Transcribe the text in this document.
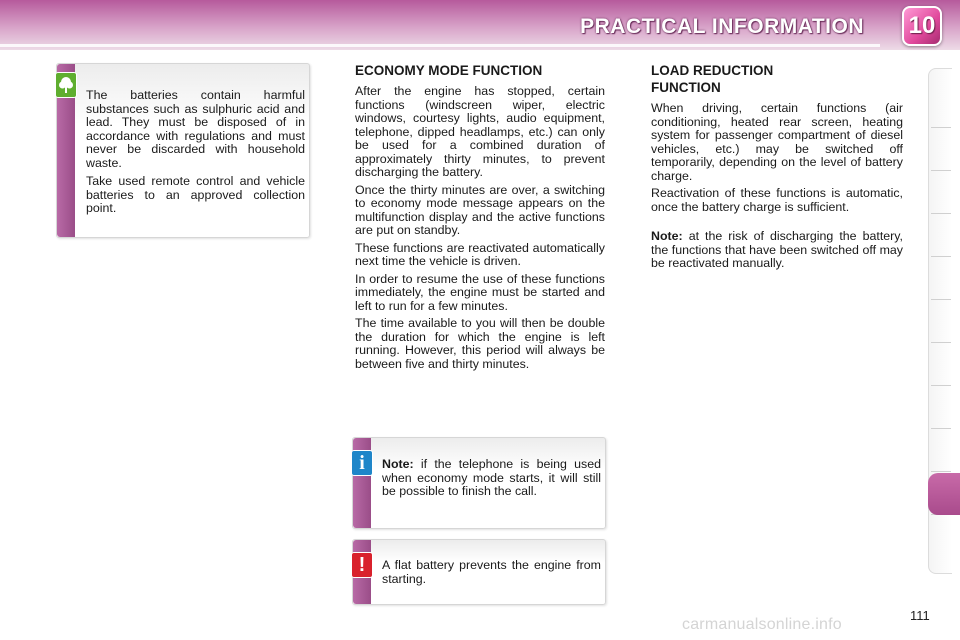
PRACTICAL INFORMATION 10

The batteries contain harmful substances such as sulphuric acid and lead. They must be disposed of in accordance with regulations and must never be discarded with household waste.

Take used remote control and vehicle batteries to an approved collection point.

ECONOMY MODE FUNCTION

After the engine has stopped, certain functions (windscreen wiper, electric windows, courtesy lights, audio equipment, telephone, dipped headlamps, etc.) can only be used for a combined duration of approximately thirty minutes, to prevent discharging the battery.

Once the thirty minutes are over, a switching to economy mode message appears on the multifunction display and the active functions are put on standby.

These functions are reactivated automatically next time the vehicle is driven.

In order to resume the use of these functions immediately, the engine must be started and left to run for a few minutes.

The time available to you will then be double the duration for which the engine is left running. However, this period will always be between five and thirty minutes.

i	Note: if the telephone is being used when economy mode starts, it will still be possible to finish the call.
!	A flat battery prevents the engine from starting.
LOAD REDUCTION
FUNCTION

When driving, certain functions (air conditioning, heated rear screen, heating system for passenger compartment of diesel vehicles, etc.) may be switched off temporarily, depending on the level of battery charge.

Reactivation of these functions is automatic, once the battery charge is sufficient.

Note: at the risk of discharging the battery, the functions that have been switched off may be reactivated manually.

carmanualsonline.info
111
